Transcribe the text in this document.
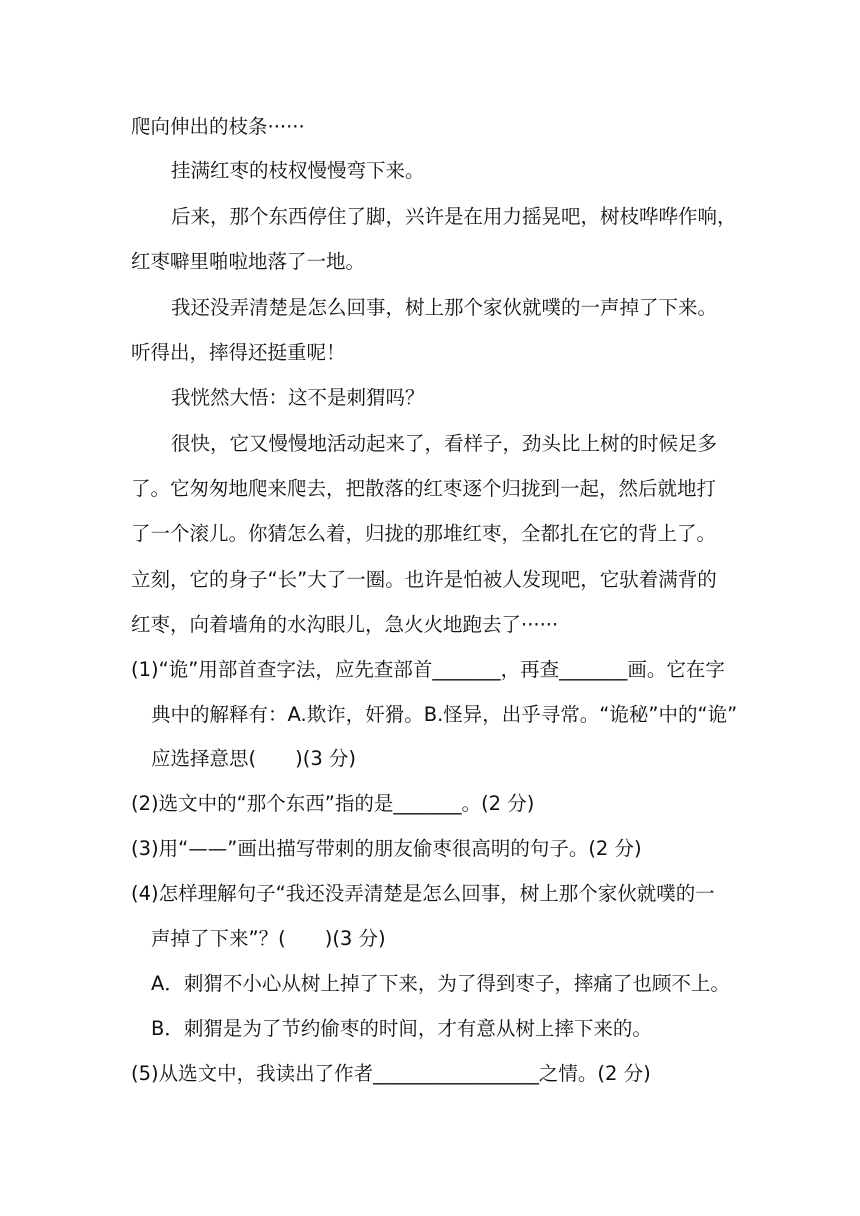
爬向伸出的枝条······
挂满红枣的枝杈慢慢弯下来。
后来，那个东西停住了脚，兴许是在用力摇晃吧，树枝哗哗作响，
红枣噼里啪啦地落了一地。
我还没弄清楚是怎么回事，树上那个家伙就噗的一声掉了下来。
听得出，摔得还挺重呢！
我恍然大悟：这不是刺猬吗？
很快，它又慢慢地活动起来了，看样子，劲头比上树的时候足多
了。它匆匆地爬来爬去，把散落的红枣逐个归拢到一起，然后就地打
了一个滚儿。你猜怎么着，归拢的那堆红枣，全都扎在它的背上了。
立刻，它的身子“长”大了一圈。也许是怕被人发现吧，它驮着满背的
红枣，向着墙角的水沟眼儿，急火火地跑去了······
(1)“诡”用部首查字法，应先查部首_______，再查_______画。它在字
典中的解释有：A.欺诈，奸猾。B.怪异，出乎寻常。“诡秘”中的“诡”
应选择意思(　　)(3 分)
(2)选文中的“那个东西”指的是_______。(2 分)
(3)用“——”画出描写带刺的朋友偷枣很高明的句子。(2 分)
(4)怎样理解句子“我还没弄清楚是怎么回事，树上那个家伙就噗的一
声掉了下来”？(　　)(3 分)
A．刺猬不小心从树上掉了下来，为了得到枣子，摔痛了也顾不上。
B．刺猬是为了节约偷枣的时间，才有意从树上摔下来的。
(5)从选文中，我读出了作者_________________之情。(2 分)
